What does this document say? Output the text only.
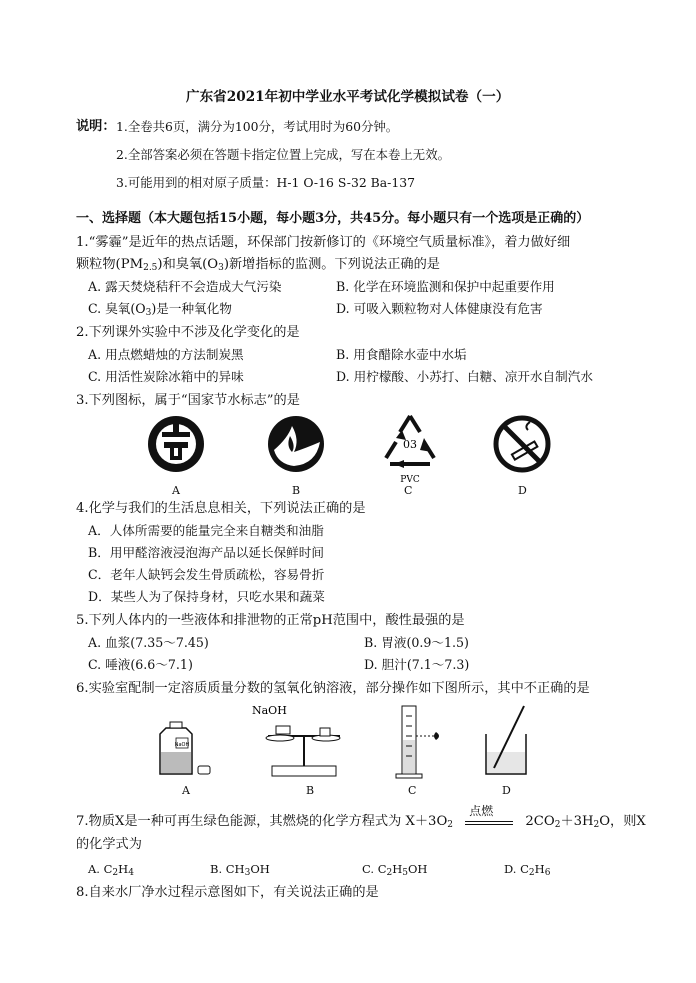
广东省2021年初中学业水平考试化学模拟试卷（一）
说明： 1.全卷共6页，满分为100分，考试用时为60分钟。
2.全部答案必须在答题卡指定位置上完成，写在本卷上无效。
3.可能用到的相对原子质量：H-1 O-16 S-32 Ba-137
一、选择题（本大题包括15小题，每小题3分，共45分。每小题只有一个选项是正确的）
1.“雾霾”是近年的热点话题，环保部门按新修订的《环境空气质量标准》，着力做好细
颗粒物$(PM_{2.5})$和臭氧$(O_3)$新增指标的监测。下列说法正确的是
A. 露天焚烧秸秆不会造成大气污染	B. 化学在环境监测和保护中起重要作用
C. 臭氧$(O_3)$是一种氧化物	D. 可吸入颗粒物对人体健康没有危害
2.下列课外实验中不涉及化学变化的是
A. 用点燃蜡烛的方法制炭黑	B. 用食醋除水壶中水垢
C. 用活性炭除冰箱中的异味	D. 用柠檬酸、小苏打、白糖、凉开水自制汽水
3.下列图标，属于“国家节水标志”的是
03
PVC
A	B	C	D
4.化学与我们的生活息息相关，下列说法正确的是
A．人体所需要的能量完全来自糖类和油脂
B．用甲醛溶液浸泡海产品以延长保鲜时间
C．老年人缺钙会发生骨质疏松，容易骨折
D．某些人为了保持身材，只吃水果和蔬菜
5.下列人体内的一些液体和排泄物的正常pH范围中，酸性最强的是
A. 血浆(7.35～7.45)	B. 胃液(0.9～1.5)
C. 唾液(6.6～7.1)	D. 胆汁(7.1～7.3)
6.实验室配制一定溶质质量分数的氢氧化钠溶液，部分操作如下图所示，其中不正确的是
NaOH
NaOH
A	B	C	D
7.物质X是一种可再生绿色能源，其燃烧的化学方程式为 $X+3O_2$
点燃
$2CO_2+3H_2O$，则X
的化学式为
A. $C_2H_4$	B. $CH_3OH$	C. $C_2H_5OH$	D. $C_2H_6$
8.自来水厂净水过程示意图如下，有关说法正确的是
